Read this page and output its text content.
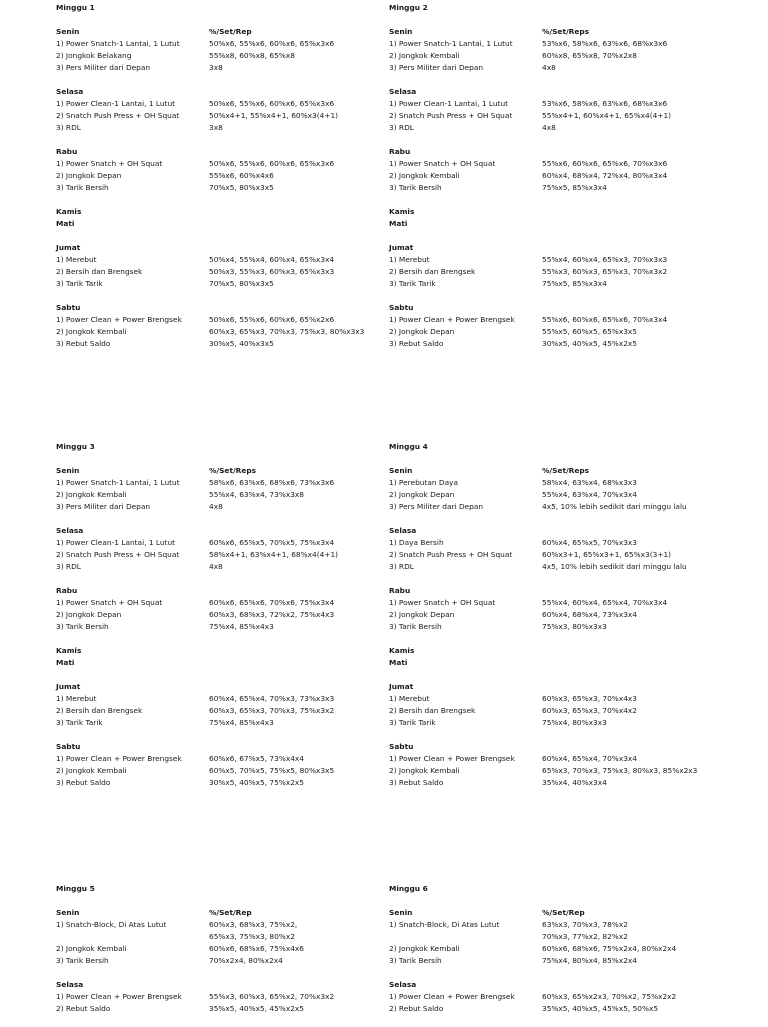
Minggu 1
Senin	%/Set/Rep
1) Power Snatch-1 Lantai, 1 Lutut	50%x6, 55%x6, 60%x6, 65%x3x6
2) Jongkok Belakang	55%x8, 60%x8, 65%x8
3) Pers Militer dari Depan	3x8
Selasa
1) Power Clean-1 Lantai, 1 Lutut	50%x6, 55%x6, 60%x6, 65%x3x6
2) Snatch Push Press + OH Squat	50%x4+1, 55%x4+1, 60%x3(4+1)
3) RDL	3x8
Rabu
1) Power Snatch + OH Squat	50%x6, 55%x6, 60%x6, 65%x3x6
2) Jongkok Depan	55%x6, 60%x4x6
3) Tarik Bersih	70%x5, 80%x3x5
Kamis
Mati
Jumat
1) Merebut	50%x4, 55%x4, 60%x4, 65%x3x4
2) Bersih dan Brengsek	50%x3, 55%x3, 60%x3, 65%x3x3
3) Tarik Tarik	70%x5, 80%x3x5
Sabtu
1) Power Clean + Power Brengsek	50%x6, 55%x6, 60%x6, 65%x2x6
2) Jongkok Kembali	60%x3, 65%x3, 70%x3, 75%x3, 80%x3x3
3) Rebut Saldo	30%x5, 40%x3x5
Minggu 2
Senin	%/Set/Reps
1) Power Snatch-1 Lantai, 1 Lutut	53%x6, 58%x6, 63%x6, 68%x3x6
2) Jongkok Kembali	60%x8, 65%x8, 70%x2x8
3) Pers Militer dari Depan	4x8
Selasa
1) Power Clean-1 Lantai, 1 Lutut	53%x6, 58%x6, 63%x6, 68%x3x6
2) Snatch Push Press + OH Squat	55%x4+1, 60%x4+1, 65%x4(4+1)
3) RDL	4x8
Rabu
1) Power Snatch + OH Squat	55%x6, 60%x6, 65%x6, 70%x3x6
2) Jongkok Kembali	60%x4, 68%x4, 72%x4, 80%x3x4
3) Tarik Bersih	75%x5, 85%x3x4
Kamis
Mati
Jumat
1) Merebut	55%x4, 60%x4, 65%x3, 70%x3x3
2) Bersih dan Brengsek	55%x3, 60%x3, 65%x3, 70%x3x2
3) Tarik Tarik	75%x5, 85%x3x4
Sabtu
1) Power Clean + Power Brengsek	55%x6, 60%x6, 65%x6, 70%x3x4
2) Jongkok Depan	55%x5, 60%x5, 65%x3x5
3) Rebut Saldo	30%x5, 40%x5, 45%x2x5
Minggu 3
Senin	%/Set/Reps
1) Power Snatch-1 Lantai, 1 Lutut	58%x6, 63%x6, 68%x6, 73%x3x6
2) Jongkok Kembali	55%x4, 63%x4, 73%x3x8
3) Pers Militer dari Depan	4x8
Selasa
1) Power Clean-1 Lantai, 1 Lutut	60%x6, 65%x5, 70%x5, 75%x3x4
2) Snatch Push Press + OH Squat	58%x4+1, 63%x4+1, 68%x4(4+1)
3) RDL	4x8
Rabu
1) Power Snatch + OH Squat	60%x6, 65%x6, 70%x6, 75%x3x4
2) Jongkok Depan	60%x3, 68%x3, 72%x2, 75%x4x3
3) Tarik Bersih	75%x4, 85%x4x3
Kamis
Mati
Jumat
1) Merebut	60%x4, 65%x4, 70%x3, 73%x3x3
2) Bersih dan Brengsek	60%x3, 65%x3, 70%x3, 75%x3x2
3) Tarik Tarik	75%x4, 85%x4x3
Sabtu
1) Power Clean + Power Brengsek	60%x6, 67%x5, 73%x4x4
2) Jongkok Kembali	60%x5, 70%x5, 75%x5, 80%x3x5
3) Rebut Saldo	30%x5, 40%x5, 75%x2x5
Minggu 4
Senin	%/Set/Reps
1) Perebutan Daya	58%x4, 63%x4, 68%x3x3
2) Jongkok Depan	55%x4, 63%x4, 70%x3x4
3) Pers Militer dari Depan	4x5, 10% lebih sedikit dari minggu lalu
Selasa
1) Daya Bersih	60%x4, 65%x5, 70%x3x3
2) Snatch Push Press + OH Squat	60%x3+1, 65%x3+1, 65%x3(3+1)
3) RDL	4x5, 10% lebih sedikit dari minggu lalu
Rabu
1) Power Snatch + OH Squat	55%x4, 60%x4, 65%x4, 70%x3x4
2) Jongkok Depan	60%x4, 68%x4, 73%x3x4
3) Tarik Bersih	75%x3, 80%x3x3
Kamis
Mati
Jumat
1) Merebut	60%x3, 65%x3, 70%x4x3
2) Bersih dan Brengsek	60%x3, 65%x3, 70%x4x2
3) Tarik Tarik	75%x4, 80%x3x3
Sabtu
1) Power Clean + Power Brengsek	60%x4, 65%x4, 70%x3x4
2) Jongkok Kembali	65%x3, 70%x3, 75%x3, 80%x3, 85%x2x3
3) Rebut Saldo	35%x4, 40%x3x4
Minggu 5
Senin	%/Set/Rep
1) Snatch-Block, Di Atas Lutut	60%x3, 68%x3, 75%x2,
65%x3, 75%x3, 80%x2
2) Jongkok Kembali	60%x6, 68%x6, 75%x4x6
3) Tarik Bersih	70%x2x4, 80%x2x4
Selasa
1) Power Clean + Power Brengsek	55%x3, 60%x3, 65%x2, 70%x3x2
2) Rebut Saldo	35%x5, 40%x5, 45%x2x5
Minggu 6
Senin	%/Set/Rep
1) Snatch-Block, Di Atas Lutut	63%x3, 70%x3, 78%x2
70%x3, 77%x2, 82%x2
2) Jongkok Kembali	60%x6, 68%x6, 75%x2x4, 80%x2x4
3) Tarik Bersih	75%x4, 80%x4, 85%x2x4
Selasa
1) Power Clean + Power Brengsek	60%x3, 65%x2x3, 70%x2, 75%x2x2
2) Rebut Saldo	35%x5, 40%x5, 45%x5, 50%x5
